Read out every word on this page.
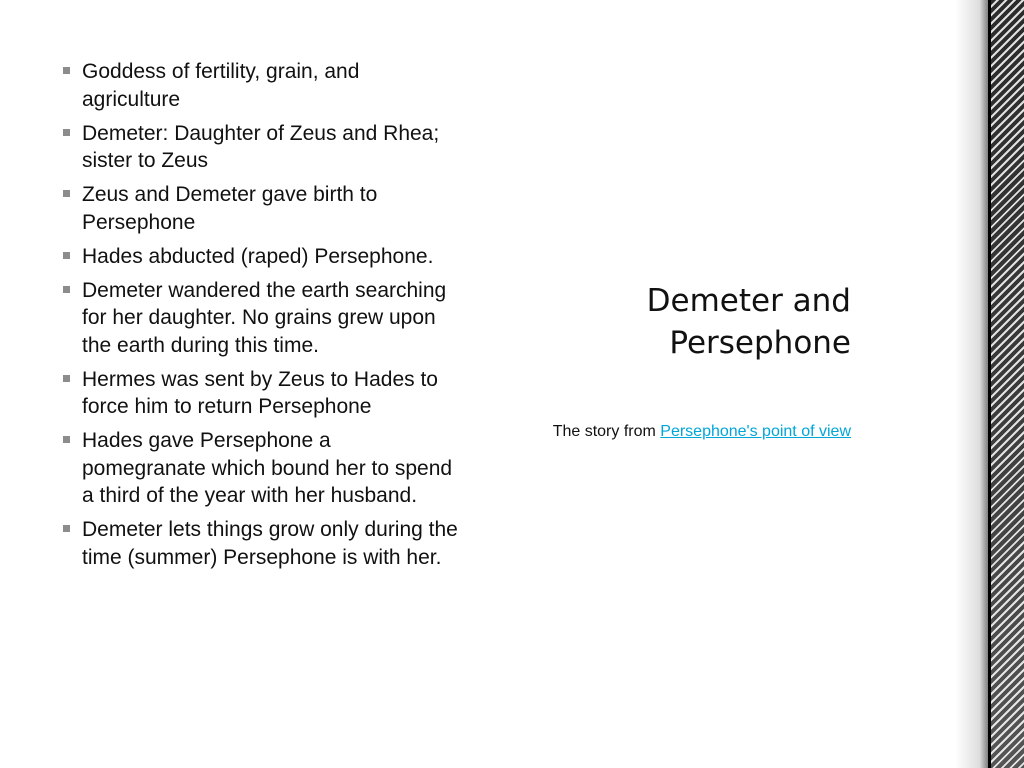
Goddess of fertility, grain, and agriculture
Demeter: Daughter of Zeus and Rhea; sister to Zeus
Zeus and Demeter gave birth to Persephone
Hades abducted (raped) Persephone.
Demeter wandered the earth searching for her daughter. No grains grew upon the earth during this time.
Hermes was sent by Zeus to Hades to force him to return Persephone
Hades gave Persephone a pomegranate which bound her to spend a third of the year with her husband.
Demeter lets things grow only during the time (summer) Persephone is with her.
Demeter and
Persephone
The story from Persephone's point of view
